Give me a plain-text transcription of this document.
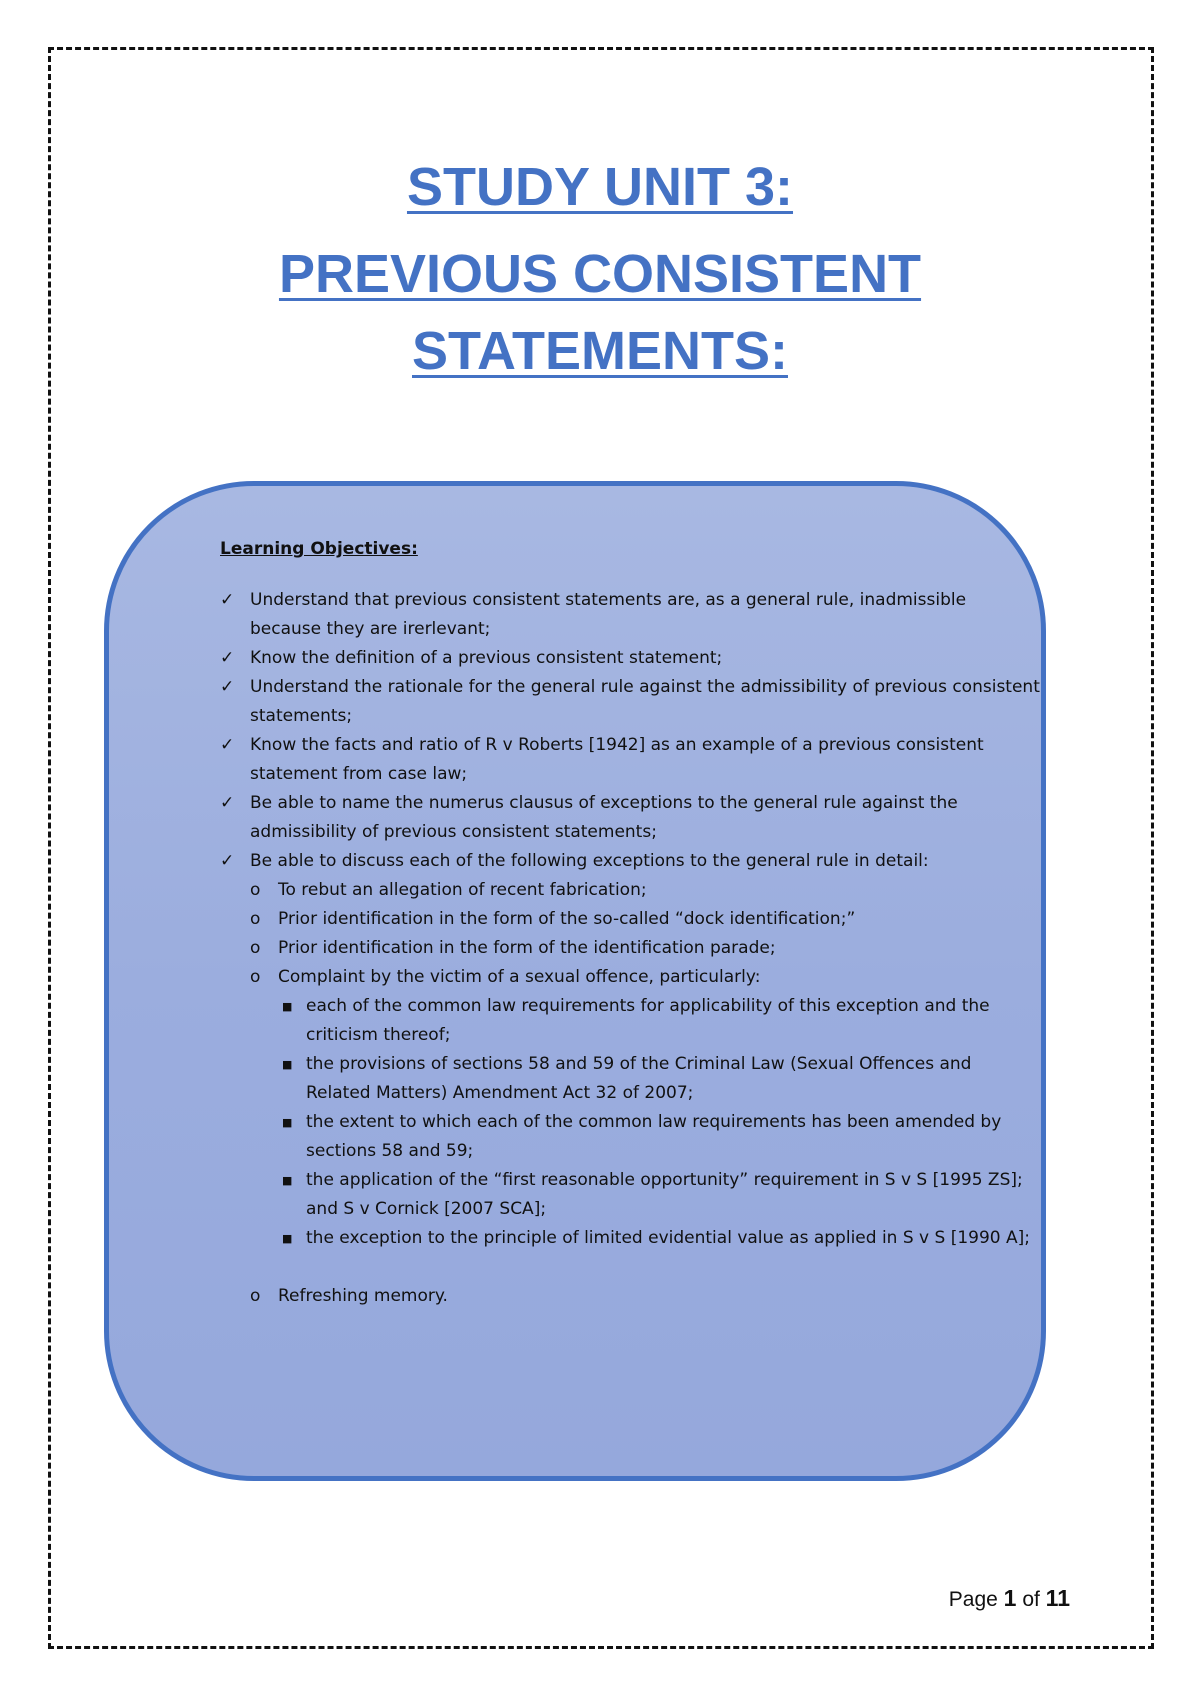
STUDY UNIT 3:
PREVIOUS CONSISTENT
STATEMENTS:
Learning Objectives:
✓ Understand that previous consistent statements are, as a general rule, inadmissible because they are irerlevant;
✓ Know the definition of a previous consistent statement;
✓ Understand the rationale for the general rule against the admissibility of previous consistent statements;
✓ Know the facts and ratio of R v Roberts [1942] as an example of a previous consistent statement from case law;
✓ Be able to name the numerus clausus of exceptions to the general rule against the admissibility of previous consistent statements;
✓ Be able to discuss each of the following exceptions to the general rule in detail:
o To rebut an allegation of recent fabrication;
o Prior identification in the form of the so-called “dock identification;”
o Prior identification in the form of the identification parade;
o Complaint by the victim of a sexual offence, particularly:
■ each of the common law requirements for applicability of this exception and the criticism thereof;
■ the provisions of sections 58 and 59 of the Criminal Law (Sexual Offences and Related Matters) Amendment Act 32 of 2007;
■ the extent to which each of the common law requirements has been amended by sections 58 and 59;
■ the application of the “first reasonable opportunity” requirement in S v S [1995 ZS]; and S v Cornick [2007 SCA];
■ the exception to the principle of limited evidential value as applied in S v S [1990 A];
o Refreshing memory.
Page 1 of 11
